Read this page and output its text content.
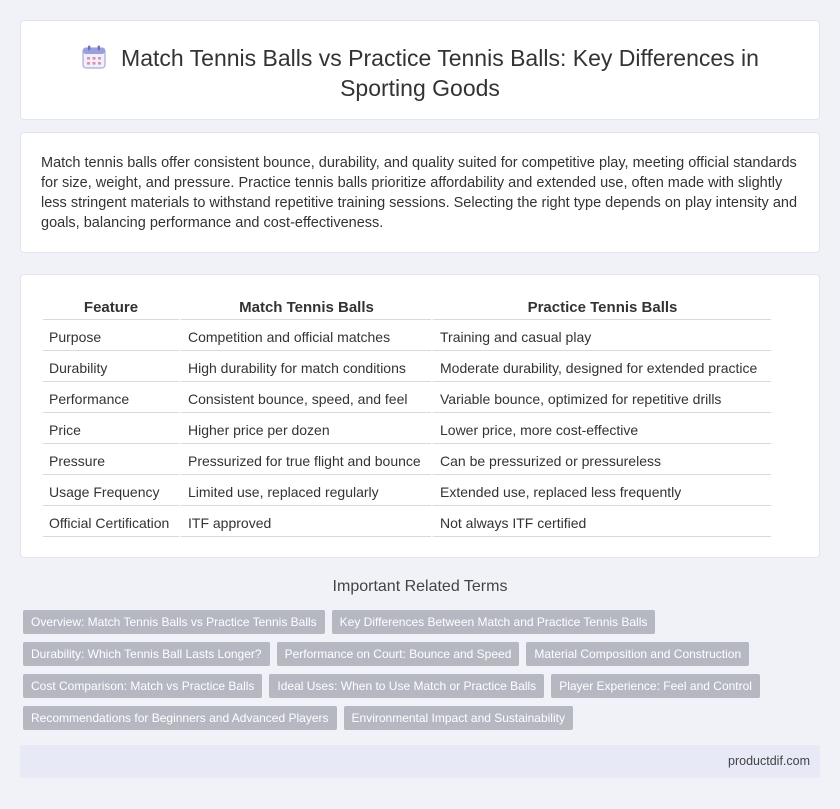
Match Tennis Balls vs Practice Tennis Balls: Key Differences in Sporting Goods

Match tennis balls offer consistent bounce, durability, and quality suited for competitive play, meeting official standards for size, weight, and pressure. Practice tennis balls prioritize affordability and extended use, often made with slightly less stringent materials to withstand repetitive training sessions. Selecting the right type depends on play intensity and goals, balancing performance and cost-effectiveness.

Feature	Match Tennis Balls	Practice Tennis Balls
Purpose	Competition and official matches	Training and casual play
Durability	High durability for match conditions	Moderate durability, designed for extended practice
Performance	Consistent bounce, speed, and feel	Variable bounce, optimized for repetitive drills
Price	Higher price per dozen	Lower price, more cost-effective
Pressure	Pressurized for true flight and bounce	Can be pressurized or pressureless
Usage Frequency	Limited use, replaced regularly	Extended use, replaced less frequently
Official Certification	ITF approved	Not always ITF certified
Important Related Terms
Overview: Match Tennis Balls vs Practice Tennis Balls	Key Differences Between Match and Practice Tennis Balls
Durability: Which Tennis Ball Lasts Longer?	Performance on Court: Bounce and Speed	Material Composition and Construction
Cost Comparison: Match vs Practice Balls	Ideal Uses: When to Use Match or Practice Balls	Player Experience: Feel and Control
Recommendations for Beginners and Advanced Players	Environmental Impact and Sustainability
productdif.com
